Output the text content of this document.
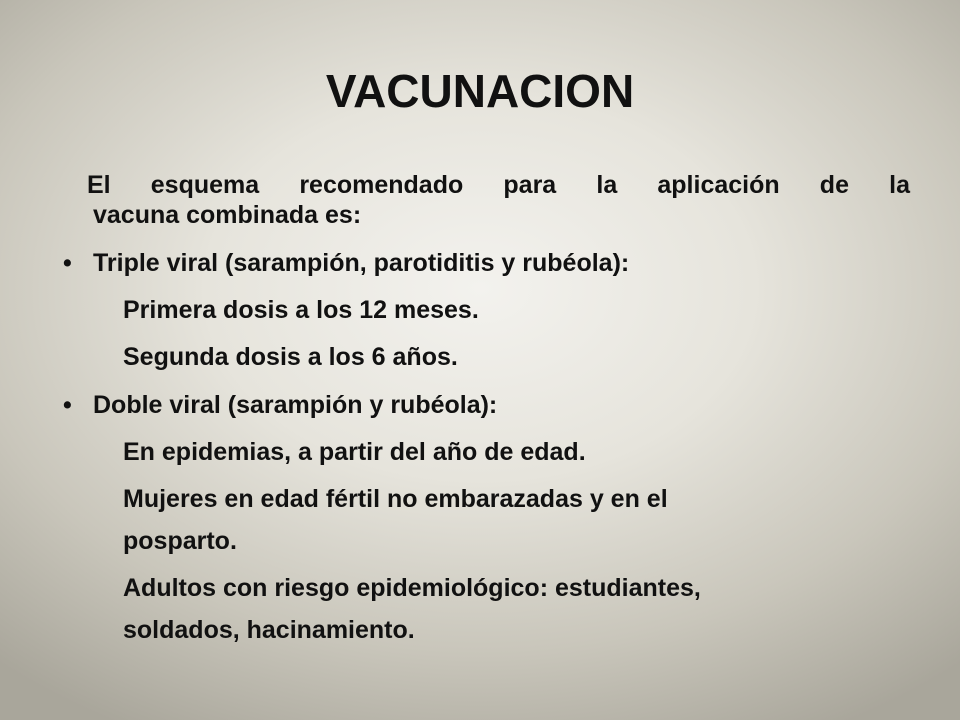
VACUNACION
El esquema recomendado para la aplicación de la
vacuna combinada es:
• Triple viral (sarampión, parotiditis y rubéola):
Primera dosis a los 12 meses.
Segunda dosis a los 6 años.
• Doble viral (sarampión y rubéola):
En epidemias, a partir del año de edad.
Mujeres en edad fértil no embarazadas y en el
posparto.
Adultos con riesgo epidemiológico: estudiantes,
soldados, hacinamiento.
